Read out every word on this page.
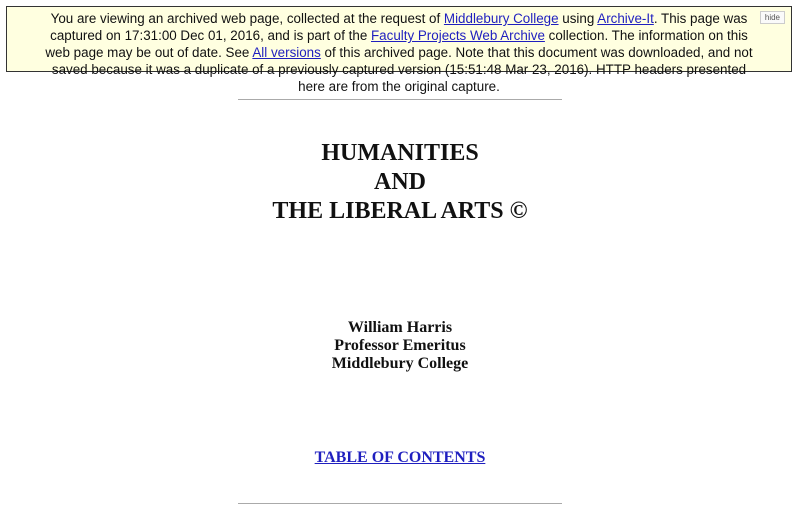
You are viewing an archived web page, collected at the request of Middlebury College using Archive-It. This page was captured on 17:31:00 Dec 01, 2016, and is part of the Faculty Projects Web Archive collection. The information on this web page may be out of date. See All versions of this archived page. Note that this document was downloaded, and not saved because it was a duplicate of a previously captured version (15:51:48 Mar 23, 2016). HTTP headers presented here are from the original capture.
hide
HUMANITIES
AND
THE LIBERAL ARTS ©
William Harris
Professor Emeritus
Middlebury College
TABLE OF CONTENTS
